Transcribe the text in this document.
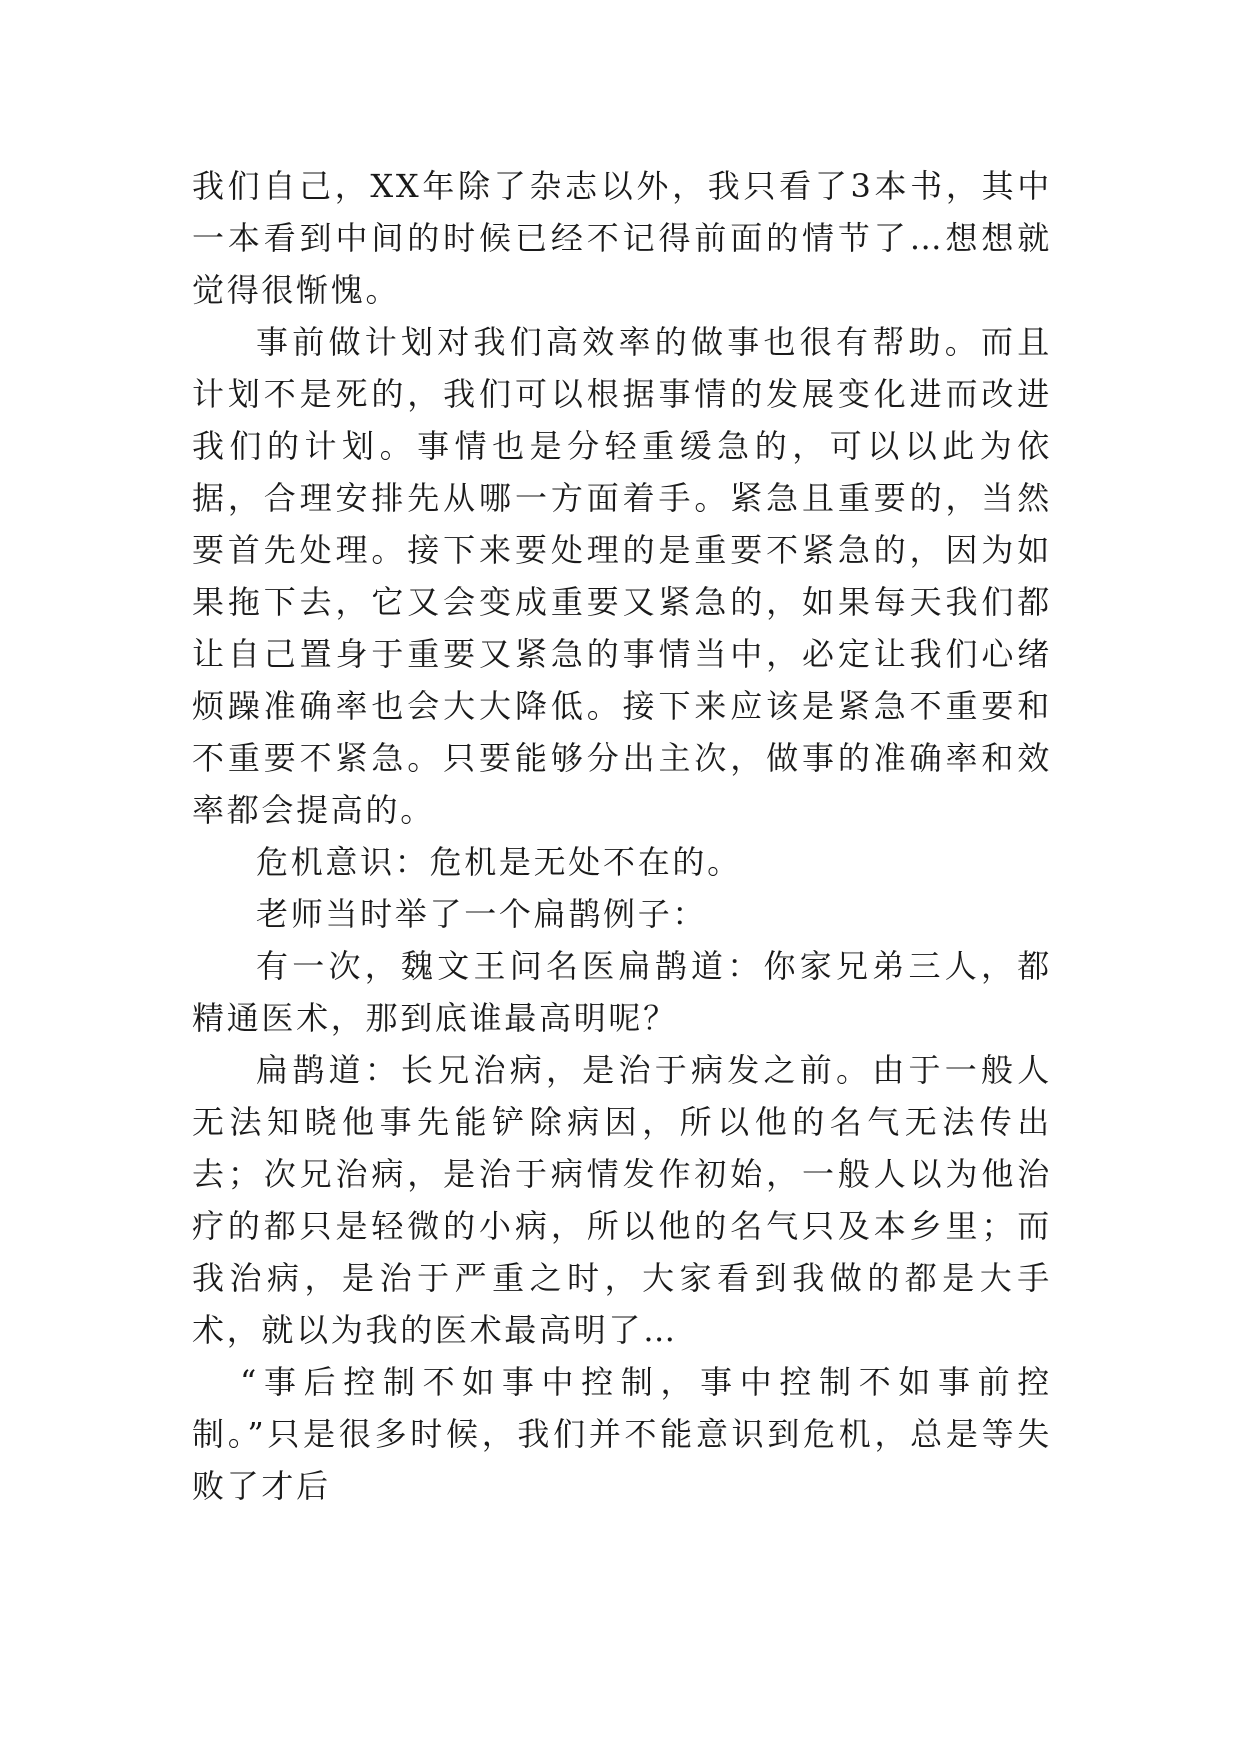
我们自己，XX年除了杂志以外，我只看了3本书，其中一本看到中间的时候已经不记得前面的情节了…想想就觉得很惭愧。

事前做计划对我们高效率的做事也很有帮助。而且计划不是死的，我们可以根据事情的发展变化进而改进我们的计划。事情也是分轻重缓急的，可以以此为依据，合理安排先从哪一方面着手。紧急且重要的，当然要首先处理。接下来要处理的是重要不紧急的，因为如果拖下去，它又会变成重要又紧急的，如果每天我们都让自己置身于重要又紧急的事情当中，必定让我们心绪烦躁准确率也会大大降低。接下来应该是紧急不重要和不重要不紧急。只要能够分出主次，做事的准确率和效率都会提高的。

危机意识：危机是无处不在的。

老师当时举了一个扁鹊例子：

有一次，魏文王问名医扁鹊道：你家兄弟三人，都精通医术，那到底谁最高明呢？

扁鹊道：长兄治病，是治于病发之前。由于一般人无法知晓他事先能铲除病因，所以他的名气无法传出去；次兄治病，是治于病情发作初始，一般人以为他治疗的都只是轻微的小病，所以他的名气只及本乡里；而我治病，是治于严重之时，大家看到我做的都是大手术，就以为我的医术最高明了…

“事后控制不如事中控制，事中控制不如事前控制。”只是很多时候，我们并不能意识到危机，总是等失败了才后
